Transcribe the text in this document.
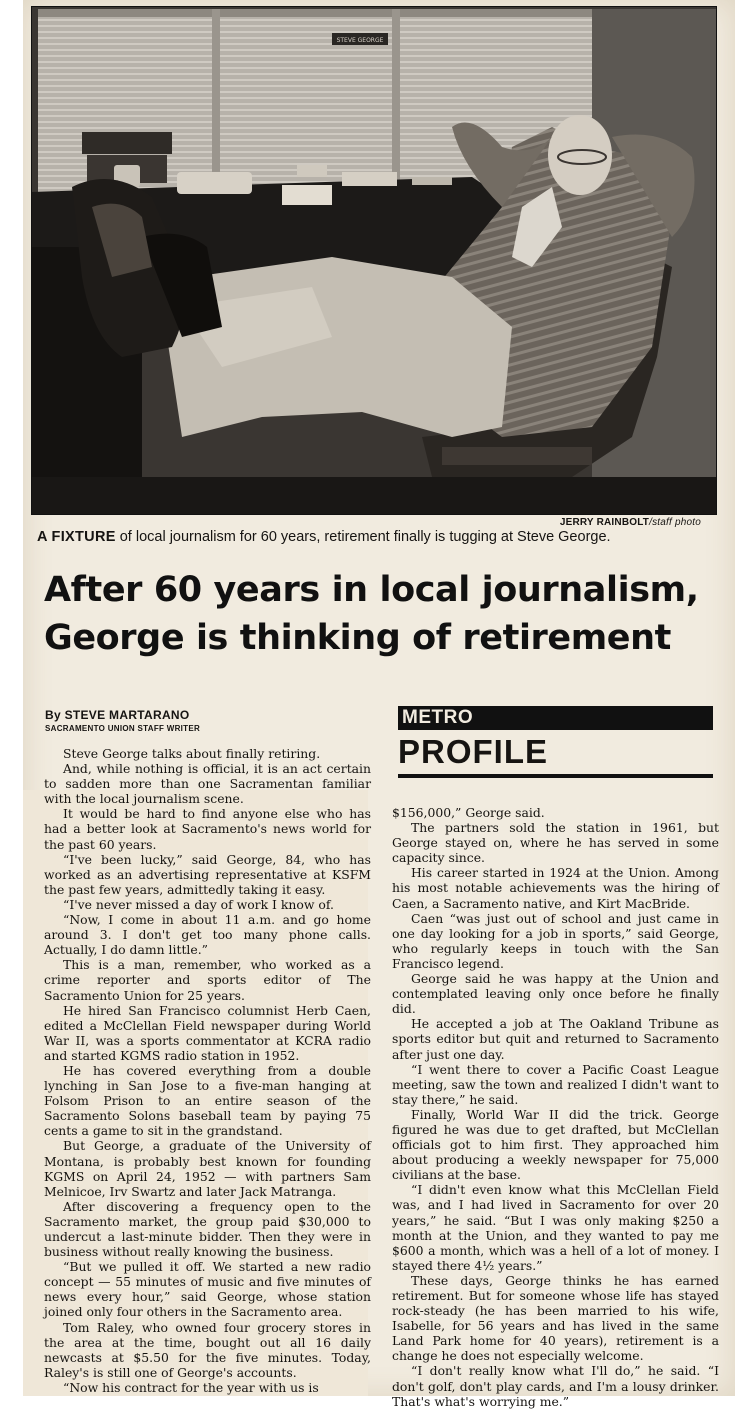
STEVE GEORGE
JERRY RAINBOLT/staff photo
A FIXTURE of local journalism for 60 years, retirement finally is tugging at Steve George.
After 60 years in local journalism,
George is thinking of retirement
By STEVE MARTARANO
SACRAMENTO UNION STAFF WRITER
METRO
PROFILE

Steve George talks about finally retiring.

And, while nothing is official, it is an act certain to sadden more than one Sacramentan familiar with the local journalism scene.

It would be hard to find anyone else who has had a better look at Sacramento's news world for the past 60 years.

“I've been lucky,” said George, 84, who has worked as an advertising representative at KSFM the past few years, admittedly taking it easy.

“I've never missed a day of work I know of.

“Now, I come in about 11 a.m. and go home around 3. I don't get too many phone calls. Actually, I do damn little.”

This is a man, remember, who worked as a crime reporter and sports editor of The Sacramento Union for 25 years.

He hired San Francisco columnist Herb Caen, edited a McClellan Field newspaper during World War II, was a sports commentator at KCRA radio and started KGMS radio station in 1952.

He has covered everything from a double lynching in San Jose to a five-man hanging at Folsom Prison to an entire season of the Sacramento Solons baseball team by paying 75 cents a game to sit in the grandstand.

But George, a graduate of the University of Montana, is probably best known for founding KGMS on April 24, 1952 — with partners Sam Melnicoe, Irv Swartz and later Jack Matranga.

After discovering a frequency open to the Sacramento market, the group paid $30,000 to undercut a last-minute bidder. Then they were in business without really knowing the business.

“But we pulled it off. We started a new radio concept — 55 minutes of music and five minutes of news every hour,” said George, whose station joined only four others in the Sacramento area.

Tom Raley, who owned four grocery stores in the area at the time, bought out all 16 daily newcasts at $5.50 for the five minutes. Today, Raley's is still one of George's accounts.

“Now his contract for the year with us is

$156,000,” George said.

The partners sold the station in 1961, but George stayed on, where he has served in some capacity since.

His career started in 1924 at the Union. Among his most notable achievements was the hiring of Caen, a Sacramento native, and Kirt MacBride.

Caen “was just out of school and just came in one day looking for a job in sports,” said George, who regularly keeps in touch with the San Francisco legend.

George said he was happy at the Union and contemplated leaving only once before he finally did.

He accepted a job at The Oakland Tribune as sports editor but quit and returned to Sacramento after just one day.

“I went there to cover a Pacific Coast League meeting, saw the town and realized I didn't want to stay there,” he said.

Finally, World War II did the trick. George figured he was due to get drafted, but McClellan officials got to him first. They approached him about producing a weekly newspaper for 75,000 civilians at the base.

“I didn't even know what this McClellan Field was, and I had lived in Sacramento for over 20 years,” he said. “But I was only making $250 a month at the Union, and they wanted to pay me $600 a month, which was a hell of a lot of money. I stayed there 4½ years.”

These days, George thinks he has earned retirement. But for someone whose life has stayed rock-steady (he has been married to his wife, Isabelle, for 56 years and has lived in the same Land Park home for 40 years), retirement is a change he does not especially welcome.

“I don't really know what I'll do,” he said. “I don't golf, don't play cards, and I'm a lousy drinker. That's what's worrying me.”
